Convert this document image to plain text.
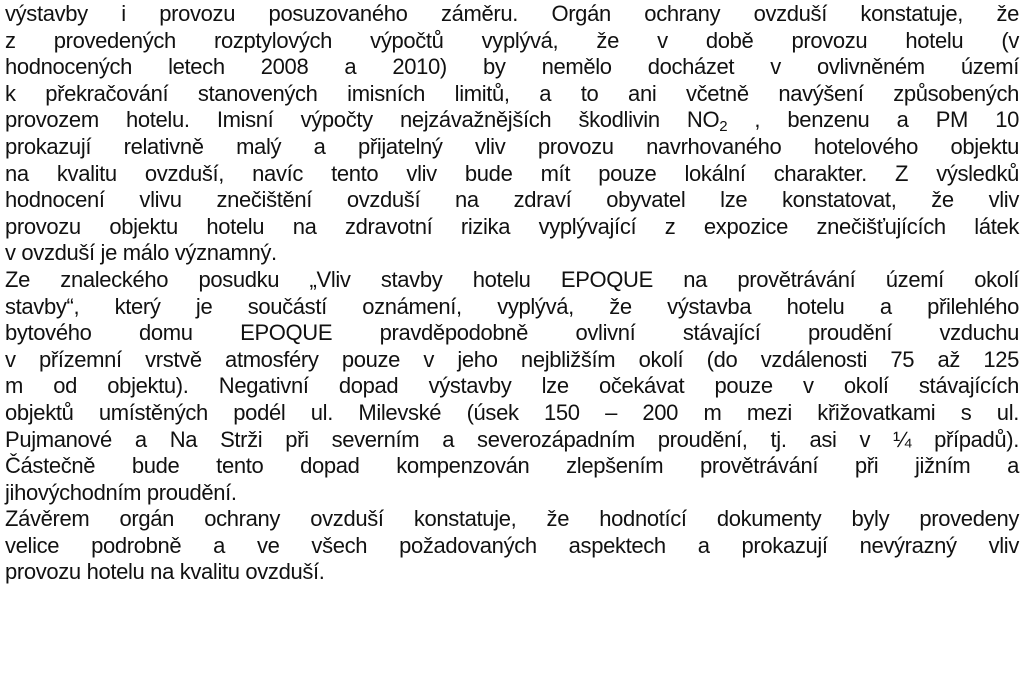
výstavby i provozu posuzovaného záměru. Orgán ochrany ovzduší konstatuje, že
z provedených rozptylových výpočtů vyplývá, že v době provozu hotelu (v
hodnocených letech 2008 a 2010) by nemělo docházet v ovlivněném území
k překračování stanovených imisních limitů, a to ani včetně navýšení způsobených
provozem hotelu. Imisní výpočty nejzávažnějších škodlivin $NO_2$ , benzenu a PM 10
prokazují relativně malý a přijatelný vliv provozu navrhovaného hotelového objektu
na kvalitu ovzduší, navíc tento vliv bude mít pouze lokální charakter. Z výsledků
hodnocení vlivu znečištění ovzduší na zdraví obyvatel lze konstatovat, že vliv
provozu objektu hotelu na zdravotní rizika vyplývající z expozice znečišťujících látek
v ovzduší je málo významný.
Ze znaleckého posudku „Vliv stavby hotelu EPOQUE na provětrávání území okolí
stavby“, který je součástí oznámení, vyplývá, že výstavba hotelu a přilehlého
bytového domu EPOQUE pravděpodobně ovlivní stávající proudění vzduchu
v přízemní vrstvě atmosféry pouze v jeho nejbližším okolí (do vzdálenosti 75 až 125
m od objektu). Negativní dopad výstavby lze očekávat pouze v okolí stávajících
objektů umístěných podél ul. Milevské (úsek 150 – 200 m mezi křižovatkami s ul.
Pujmanové a Na Strži při severním a severozápadním proudění, tj. asi v ¼ případů).
Částečně bude tento dopad kompenzován zlepšením provětrávání při jižním a
jihovýchodním proudění.
Závěrem orgán ochrany ovzduší konstatuje, že hodnotící dokumenty byly provedeny
velice podrobně a ve všech požadovaných aspektech a prokazují nevýrazný vliv
provozu hotelu na kvalitu ovzduší.
